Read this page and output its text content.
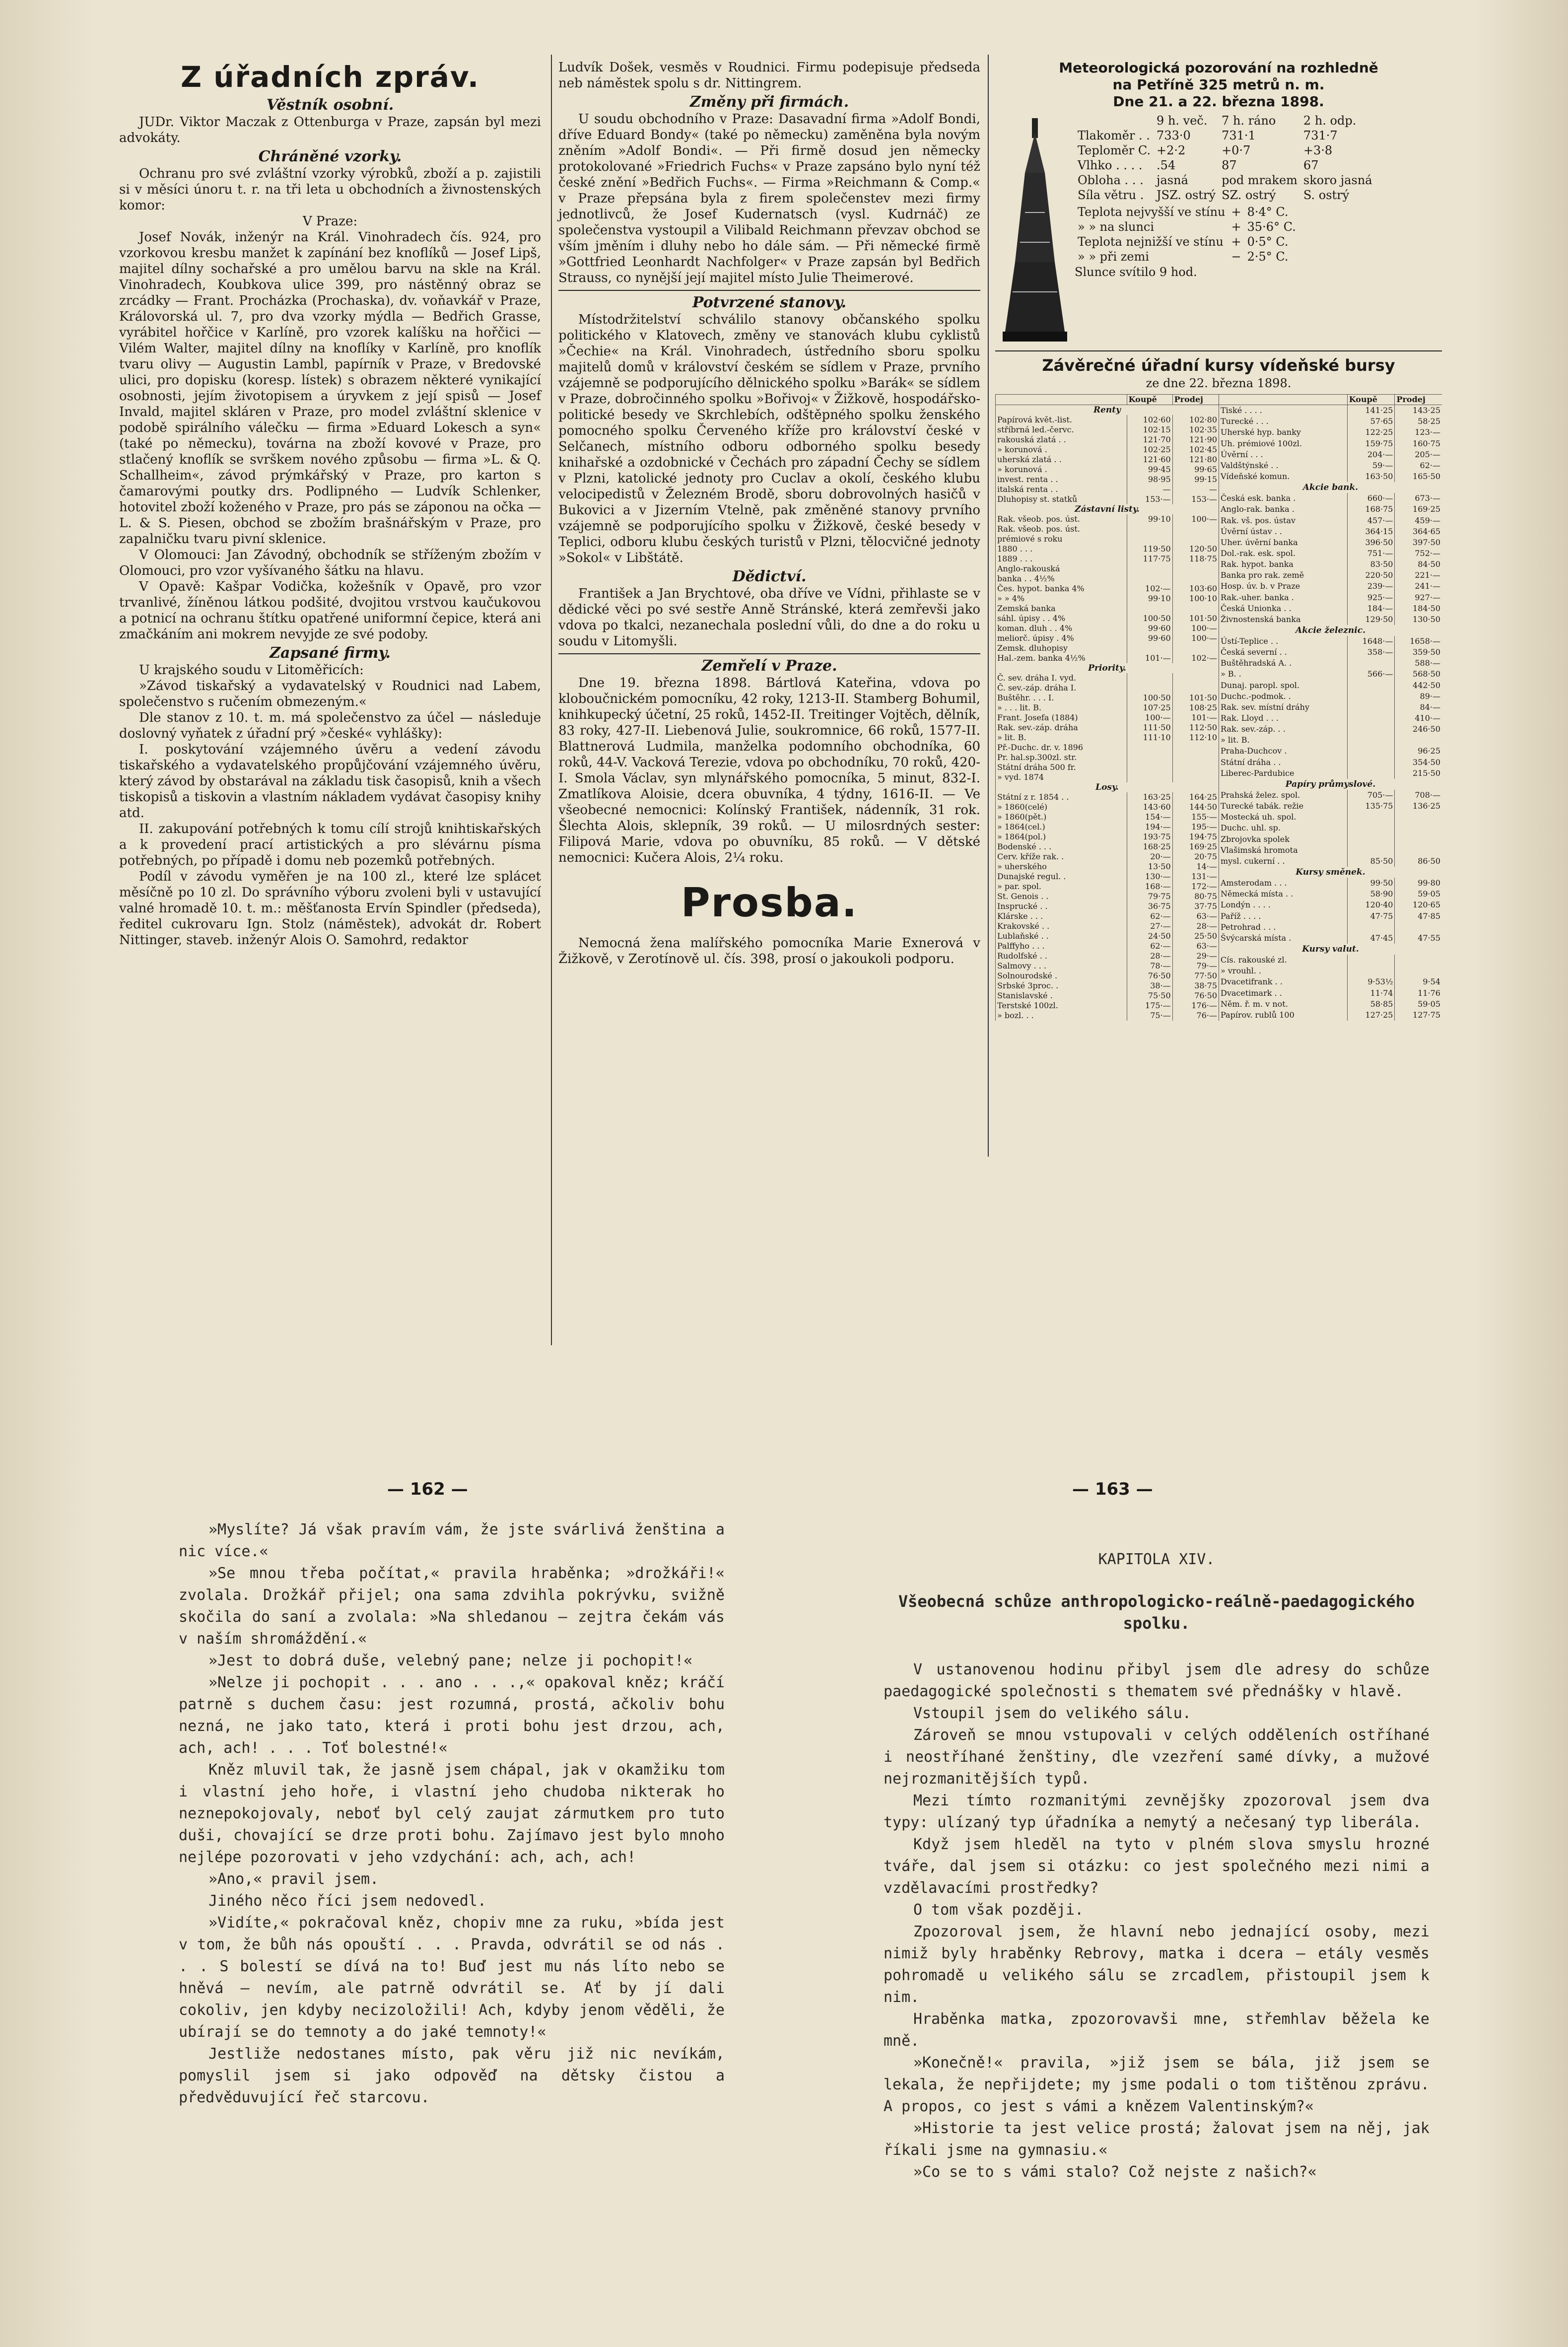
Z úřadních zpráv.
Věstník osobní.

JUDr. Viktor Maczak z Ottenburga v Praze, zapsán byl mezi advokáty.

Chráněné vzorky.

Ochranu pro své zvláštní vzorky výrobků, zboží a p. zajistili si v měsíci únoru t. r. na tři leta u obchodních a živnostenských komor:

V Praze:

Josef Novák, inženýr na Král. Vinohradech čís. 924, pro vzorkovou kresbu manžet k zapínání bez knoflíků — Josef Lipš, majitel dílny sochařské a pro umělou barvu na skle na Král. Vinohradech, Koubkova ulice 399, pro nástěnný obraz se zrcádky — Frant. Procházka (Prochaska), dv. voňavkář v Praze, Královorská ul. 7, pro dva vzorky mýdla — Bedřich Grasse, vyrábitel hořčice v Karlíně, pro vzorek kalíšku na hořčici — Vilém Walter, majitel dílny na knoflíky v Karlíně, pro knoflík tvaru olivy — Augustin Lambl, papírník v Praze, v Bredovské ulici, pro dopisku (koresp. lístek) s obrazem některé vynikající osobnosti, jejím životopisem a úryvkem z její spisů — Josef Invald, majitel skláren v Praze, pro model zvláštní sklenice v podobě spirálního válečku — firma »Eduard Lokesch a syn« (také po německu), továrna na zboží kovové v Praze, pro stlačený knoflík se svrškem nového způsobu — firma »L. & Q. Schallheim«, závod prýmkářský v Praze, pro karton s čamarovými poutky drs. Podlipného — Ludvík Schlenker, hotovitel zboží koženého v Praze, pro pás se záponou na očka — L. & S. Piesen, obchod se zbožím brašnářským v Praze, pro zapalničku tvaru pivní sklenice.

V Olomouci: Jan Závodný, obchodník se stříženým zbožím v Olomouci, pro vzor vyšívaného šátku na hlavu.

V Opavě: Kašpar Vodička, kožešník v Opavě, pro vzor trvanlivé, žíněnou látkou podšité, dvojitou vrstvou kaučukovou a potnicí na ochranu štítku opatřené uniformní čepice, která ani zmačkáním ani mokrem nevyjde ze své podoby.

Zapsané firmy.

U krajského soudu v Litoměřicích:

»Závod tiskařský a vydavatelský v Roudnici nad Labem, společenstvo s ručením obmezeným.«

Dle stanov z 10. t. m. má společenstvo za účel — následuje doslovný vyňatek z úřadní prý »české« vyhlášky):

I. poskytování vzájemného úvěru a vedení závodu tiskařského a vydavatelského propůjčování vzájemného úvěru, který závod by obstarával na základu tisk časopisů, knih a všech tiskopisů a tiskovin a vlastním nákladem vydávat časopisy knihy atd.

II. zakupování potřebných k tomu cílí strojů knihtiskařských a k provedení prací artistických a pro slévárnu písma potřebných, po případě i domu neb pozemků potřebných.

Podíl v závodu vyměřen je na 100 zl., které lze splácet měsíčně po 10 zl. Do správního výboru zvoleni byli v ustavující valné hromadě 10. t. m.: měšťanosta Ervín Spindler (předseda), ředitel cukrovaru Ign. Stolz (náměstek), advokát dr. Robert Nittinger, staveb. inženýr Alois O. Samohrd, redaktor

Ludvík Došek, vesměs v Roudnici. Firmu podepisuje předseda neb náměstek spolu s dr. Nittingrem.

Změny při firmách.

U soudu obchodního v Praze: Dasavadní firma »Adolf Bondi, dříve Eduard Bondy« (také po německu) zaměněna byla novým zněním »Adolf Bondi«. — Při firmě dosud jen německy protokolované »Friedrich Fuchs« v Praze zapsáno bylo nyní též české znění »Bedřich Fuchs«. — Firma »Reichmann & Comp.« v Praze přepsána byla z firem společenstev mezi firmy jednotlivců, že Josef Kudernatsch (vysl. Kudrnáč) ze společenstva vystoupil a Vilibald Reichmann převzav obchod se vším jměním i dluhy nebo ho dále sám. — Při německé firmě »Gottfried Leonhardt Nachfolger« v Praze zapsán byl Bedřich Strauss, co nynější její majitel místo Julie Theimerové.

Potvrzené stanovy.

Místodržitelství schválilo stanovy občanského spolku politického v Klatovech, změny ve stanovách klubu cyklistů »Čechie« na Král. Vinohradech, ústředního sboru spolku majitelů domů v království českém se sídlem v Praze, prvního vzájemně se podporujícího dělnického spolku »Barák« se sídlem v Praze, dobročinného spolku »Bořivoj« v Žižkově, hospodářsko-politické besedy ve Skrchlebích, odštěpného spolku ženského pomocného spolku Červeného kříže pro království české v Selčanech, místního odboru odborného spolku besedy knihařské a ozdobnické v Čechách pro západní Čechy se sídlem v Plzni, katolické jednoty pro Cuclav a okolí, českého klubu velocipedistů v Železném Brodě, sboru dobrovolných hasičů v Bukovici a v Jizerním Vtelně, pak změněné stanovy prvního vzájemně se podporujícího spolku v Žižkově, české besedy v Teplici, odboru klubu českých turistů v Plzni, tělocvičné jednoty »Sokol« v Libštátě.

Dědictví.

František a Jan Brychtové, oba dříve ve Vídni, přihlaste se v dědické věci po své sestře Anně Stránské, která zemřevši jako vdova po tkalci, nezanechala poslední vůli, do dne a do roku u soudu v Litomyšli.

Zemřelí v Praze.

Dne 19. března 1898. Bártlová Kateřina, vdova po kloboučnickém pomocníku, 42 roky, 1213-II. Stamberg Bohumil, knihkupecký účetní, 25 roků, 1452-II. Treitinger Vojtěch, dělník, 83 roky, 427-II. Liebenová Julie, soukromnice, 66 roků, 1577-II. Blattnerová Ludmila, manželka podomního obchodníka, 60 roků, 44-V. Vacková Terezie, vdova po obchodníku, 70 roků, 420-I. Smola Václav, syn mlynářského pomocníka, 5 minut, 832-I. Zmatlíkova Aloisie, dcera obuvníka, 4 týdny, 1616-II. — Ve všeobecné nemocnici: Kolínský František, nádenník, 31 rok. Šlechta Alois, sklepník, 39 roků. — U milosrdných sester: Filipová Marie, vdova po obuvníku, 85 roků. — V dětské nemocnici: Kučera Alois, 2¼ roku.

Prosba.

Nemocná žena malířského pomocníka Marie Exnerová v Žižkově, v Zerotínově ul. čís. 398, prosí o jakoukoli podporu.

Meteorologická pozorování na rozhledně
na Petříně 325 metrů n. m.
Dne 21. a 22. března 1898.
	9 h. več.	7 h. ráno	2 h. odp.
Tlakoměr . .	733·0	731·1	731·7
Teploměr C.	+2·2	+0·7	+3·8
Vlhko . . . .	.54	87	67
Obloha . . .	jasná	pod mrakem	skoro jasná
Síla větru .	JSZ. ostrý	SZ. ostrý	S. ostrý
Teplota nejvyšší ve stínu	+	8·4° C.
» » na slunci	+	35·6° C.
Teplota nejnižší ve stínu	+	0·5° C.
» » při zemi	−	2·5° C.
Slunce svítilo 9 hod.
Závěrečné úřadní kursy vídeňské bursy
ze dne 22. března 1898.
	Koupě	Prodej
Renty		
Papírová květ.-list.	102·60	102·80
stříbrná led.-červc.	102·15	102·35
rakouská zlatá . .	121·70	121·90
» korunová .	102·25	102·45
uherská zlatá . .	121·60	121·80
» korunová .	99·45	99·65
invest. renta . .	98·95	99·15
italská renta . .	—	—
Dluhopisy st. statků	153·—	153·—
Zástavní listy.		
Rak. všeob. pos. úst.	99·10	100·—
Rak. všeob. pos. úst.		
prémiové s roku		
1880 . . .	119·50	120·50
1889 . . .	117·75	118·75
Anglo-rakouská		
banka . . 4½%		
Čes. hypot. banka 4%	102·—	103·60
» » 4%	99·10	100·10
Zemská banka		
sáhl. úpisy . . 4%	100·50	101·50
koman. dluh . . 4%	99·60	100·—
meliorč. úpisy . 4%	99·60	100·—
Zemsk. dluhopisy		
Hal.-zem. banka 4½%	101·—	102·—
Priority.		
Č. sev. dráha I. vyd.		
Č. sev.-záp. dráha I.		
Buštěhr. . . . I.	100·50	101·50
» . . . lit. B.	107·25	108·25
Frant. Josefa (1884)	100·—	101·—
Rak. sev.-záp. dráha	111·50	112·50
» lit. B.	111·10	112·10
Př.-Duchc. dr. v. 1896		
Pr. hal.sp.300zl. str.		
Státní dráha 500 fr.		
» vyd. 1874		
Losy.		
Státní z r. 1854 . .	163·25	164·25
» 1860(celé)	143·60	144·50
» 1860(pět.)	154·—	155·—
» 1864(cel.)	194·—	195·—
» 1864(pol.)	193·75	194·75
Bodenské . . .	168·25	169·25
Cerv. kříže rak. .	20·—	20·75
» uherského	13·50	14·—
Dunajské regul. .	130·—	131·—
» par. spol.	168·—	172·—
St. Genois . .	79·75	80·75
Insprucké . .	36·75	37·75
Klárske . . .	62·—	63·—
Krakovské . .	27·—	28·—
Lublaňské . .	24·50	25·50
Palffyho . . .	62·—	63·—
Rudolfské . .	28·—	29·—
Salmovy . . .	78·—	79·—
Solnourodské .	76·50	77·50
Srbské 3proc. .	38·—	38·75
Stanislavské .	75·50	76·50
Terstské 100zl.	175·—	176·—
» bozl. . .	75·—	76·—
	Koupě	Prodej
Tiské . . . .	141·25	143·25
Turecké . . .	57·65	58·25
Uherské hyp. banky	122·25	123·—
Uh. prémiové 100zl.	159·75	160·75
Úvěrní . . .	204·—	205·—
Valdštýnské . .	59·—	62·—
Vídeňské komun.	163·50	165·50
Akcie bank.		
Česká esk. banka .	660·—	673·—
Anglo-rak. banka .	168·75	169·25
Rak. vš. pos. ústav	457·—	459·—
Úvěrní ústav . .	364·15	364·65
Uher. úvěrní banka	396·50	397·50
Dol.-rak. esk. spol.	751·—	752·—
Rak. hypot. banka	83·50	84·50
Banka pro rak. země	220·50	221·—
Hosp. úv. b. v Praze	239·—	241·—
Rak.-uher. banka .	925·—	927·—
Česká Unionka . .	184·—	184·50
Živnostenská banka	129·50	130·50
Akcie železnic.		
Ústí-Teplice . .	1648·—	1658·—
Česká severní . .	358·—	359·50
Buštěhradská A. .		588·—
» B. .	566·—	568·50
Dunaj. paropl. spol.		442·50
Duchc.-podmok. .		89·—
Rak. sev. místní dráhy		84·—
Rak. Lloyd . . .		410·—
Rak. sev.-záp. . .		246·50
» lit. B.		
Praha-Duchcov .		96·25
Státní dráha . .		354·50
Liberec-Pardubice		215·50
Papíry průmyslové.		
Prahská želez. spol.	705·—	708·—
Turecké tabák. režie	135·75	136·25
Mostecká uh. spol.		
Duchc. uhl. sp.		
Zbrojovka spolek		
Vlašimská hromota		
mysl. cukerní . .	85·50	86·50
Kursy směnek.		
Amsterodam . . .	99·50	99·80
Německá místa . .	58·90	59·05
Londýn . . . .	120·40	120·65
Paříž . . . .	47·75	47·85
Petrohrad . . .		
Švýcarská místa .	47·45	47·55
Kursy valut.		
Cís. rakouské zl.		
» vrouhl. .		
Dvacetifrank . .	9·53½	9·54
Dvacetimark . .	11·74	11·76
Něm. ř. m. v not.	58·85	59·05
Papírov. rublů 100	127·25	127·75
— 162 —	— 163 —

»Myslíte? Já však pravím vám, že jste svárlivá ženština a nic více.«

»Se mnou třeba počítat,« pravila hraběnka; »drožkáři!« zvolala. Drožkář přijel; ona sama zdvihla pokrývku, svižně skočila do saní a zvolala: »Na shledanou — zejtra čekám vás v naším shromáždění.«

»Jest to dobrá duše, velebný pane; nelze ji pochopit!«

»Nelze ji pochopit . . . ano . . .,« opakoval kněz; kráčí patrně s duchem času: jest rozumná, prostá, ačkoliv bohu nezná, ne jako tato, která i proti bohu jest drzou, ach, ach, ach! . . . Toť bolestné!«

Kněz mluvil tak, že jasně jsem chápal, jak v okamžiku tom i vlastní jeho hoře, i vlastní jeho chudoba nikterak ho neznepokojovaly, neboť byl celý zaujat zármutkem pro tuto duši, chovající se drze proti bohu. Zajímavo jest bylo mnoho nejlépe pozorovati v jeho vzdychání: ach, ach, ach!

»Ano,« pravil jsem.

Jiného něco říci jsem nedovedl.

»Vidíte,« pokračoval kněz, chopiv mne za ruku, »bída jest v tom, že bůh nás opouští . . . Pravda, odvrátil se od nás . . . S bolestí se dívá na to! Buď jest mu nás líto nebo se hněvá — nevím, ale patrně odvrátil se. Ať by jí dali cokoliv, jen kdyby necizoložili! Ach, kdyby jenom věděli, že ubírají se do temnoty a do jaké temnoty!«

Jestliže nedostanes místo, pak věru již nic nevíkám, pomyslil jsem si jako odpověď na dětsky čistou a předvěduvující řeč starcovu.

KAPITOLA XIV.
Všeobecná schůze anthropologicko-reálně-paedagogického spolku.

V ustanovenou hodinu přibyl jsem dle adresy do schůze paedagogické společnosti s thematem své přednášky v hlavě.

Vstoupil jsem do velikého sálu.

Zároveň se mnou vstupovali v celých odděleních ostříhané i neostříhané ženštiny, dle vzezření samé dívky, a mužové nejrozmanitějších typů.

Mezi tímto rozmanitými zevnějšky zpozoroval jsem dva typy: ulízaný typ úřadníka a nemytý a nečesaný typ liberála.

Když jsem hleděl na tyto v plném slova smyslu hrozné tváře, dal jsem si otázku: co jest společného mezi nimi a vzdělavacími prostředky?

O tom však později.

Zpozoroval jsem, že hlavní nebo jednající osoby, mezi nimiž byly hraběnky Rebrovy, matka i dcera — etály vesměs pohromadě u velikého sálu se zrcadlem, přistoupil jsem k nim.

Hraběnka matka, zpozorovavši mne, střemhlav běžela ke mně.

»Konečně!« pravila, »již jsem se bála, již jsem se lekala, že nepřijdete; my jsme podali o tom tištěnou zprávu. A propos, co jest s vámi a knězem Valentinským?«

»Historie ta jest velice prostá; žalovat jsem na něj, jak říkali jsme na gymnasiu.«

»Co se to s vámi stalo? Což nejste z našich?«
